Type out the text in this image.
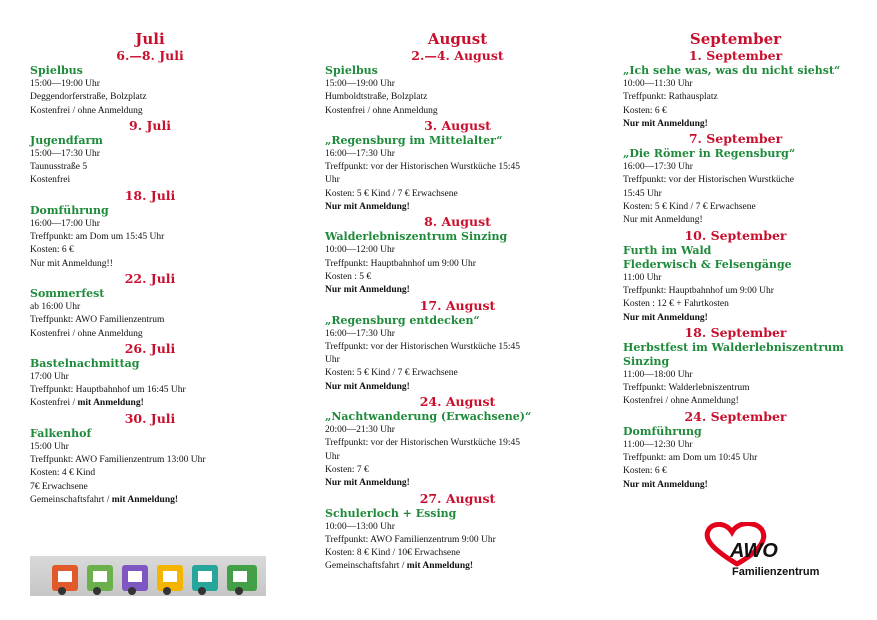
Juli
6.—8. Juli
Spielbus
15:00—19:00 Uhr
Deggendorferstraße, Bolzplatz
Kostenfrei / ohne Anmeldung
9. Juli
Jugendfarm
15:00—17:30 Uhr
Taunusstraße 5
Kostenfrei
18. Juli
Domführung
16:00—17:00 Uhr
Treffpunkt: am Dom um 15:45 Uhr
Kosten: 6 €
Nur mit Anmeldung!!
22. Juli
Sommerfest
ab 16:00 Uhr
Treffpunkt: AWO Familienzentrum
Kostenfrei / ohne Anmeldung
26. Juli
Bastelnachmittag
17:00 Uhr
Treffpunkt: Hauptbahnhof um 16:45 Uhr
Kostenfrei / mit Anmeldung!
30. Juli
Falkenhof
15:00 Uhr
Treffpunkt: AWO Familienzentrum 13:00 Uhr
Kosten: 4 € Kind
7€ Erwachsene
Gemeinschaftsfahrt / mit Anmeldung!
August
2.—4. August
Spielbus
15:00—19:00 Uhr
Humboldtstraße, Bolzplatz
Kostenfrei / ohne Anmeldung
3. August
„Regensburg im Mittelalter“
16:00—17:30 Uhr
Treffpunkt: vor der Historischen Wurstküche 15:45
Uhr
Kosten: 5 € Kind / 7 € Erwachsene
Nur mit Anmeldung!
8. August
Walderlebniszentrum Sinzing
10:00—12:00 Uhr
Treffpunkt: Hauptbahnhof um 9:00 Uhr
Kosten : 5 €
Nur mit Anmeldung!
17. August
„Regensburg entdecken“
16:00—17:30 Uhr
Treffpunkt: vor der Historischen Wurstküche 15:45
Uhr
Kosten: 5 € Kind / 7 € Erwachsene
Nur mit Anmeldung!
24. August
„Nachtwanderung (Erwachsene)“
20:00—21:30 Uhr
Treffpunkt: vor der Historischen Wurstküche 19:45
Uhr
Kosten: 7 €
Nur mit Anmeldung!
27. August
Schulerloch + Essing
10:00—13:00 Uhr
Treffpunkt: AWO Familienzentrum 9:00 Uhr
Kosten: 8 € Kind / 10€ Erwachsene
Gemeinschaftsfahrt / mit Anmeldung!
September
1. September
„Ich sehe was, was du nicht siehst“
10:00—11:30 Uhr
Treffpunkt: Rathausplatz
Kosten: 6 €
Nur mit Anmeldung!
7. September
„Die Römer in Regensburg“
16:00—17:30 Uhr
Treffpunkt: vor der Historischen Wurstküche
15:45 Uhr
Kosten: 5 € Kind / 7 € Erwachsene
Nur mit Anmeldung!
10. September
Furth im Wald
Flederwisch & Felsengänge
11:00 Uhr
Treffpunkt: Hauptbahnhof um 9:00 Uhr
Kosten : 12 € + Fahrtkosten
Nur mit Anmeldung!
18. September
Herbstfest im Walderlebniszentrum
Sinzing
11:00—18:00 Uhr
Treffpunkt: Walderlebniszentrum
Kostenfrei / ohne Anmeldung!
24. September
Domführung
11:00—12:30 Uhr
Treffpunkt: am Dom um 10:45 Uhr
Kosten: 6 €
Nur mit Anmeldung!
AWO
Familienzentrum
